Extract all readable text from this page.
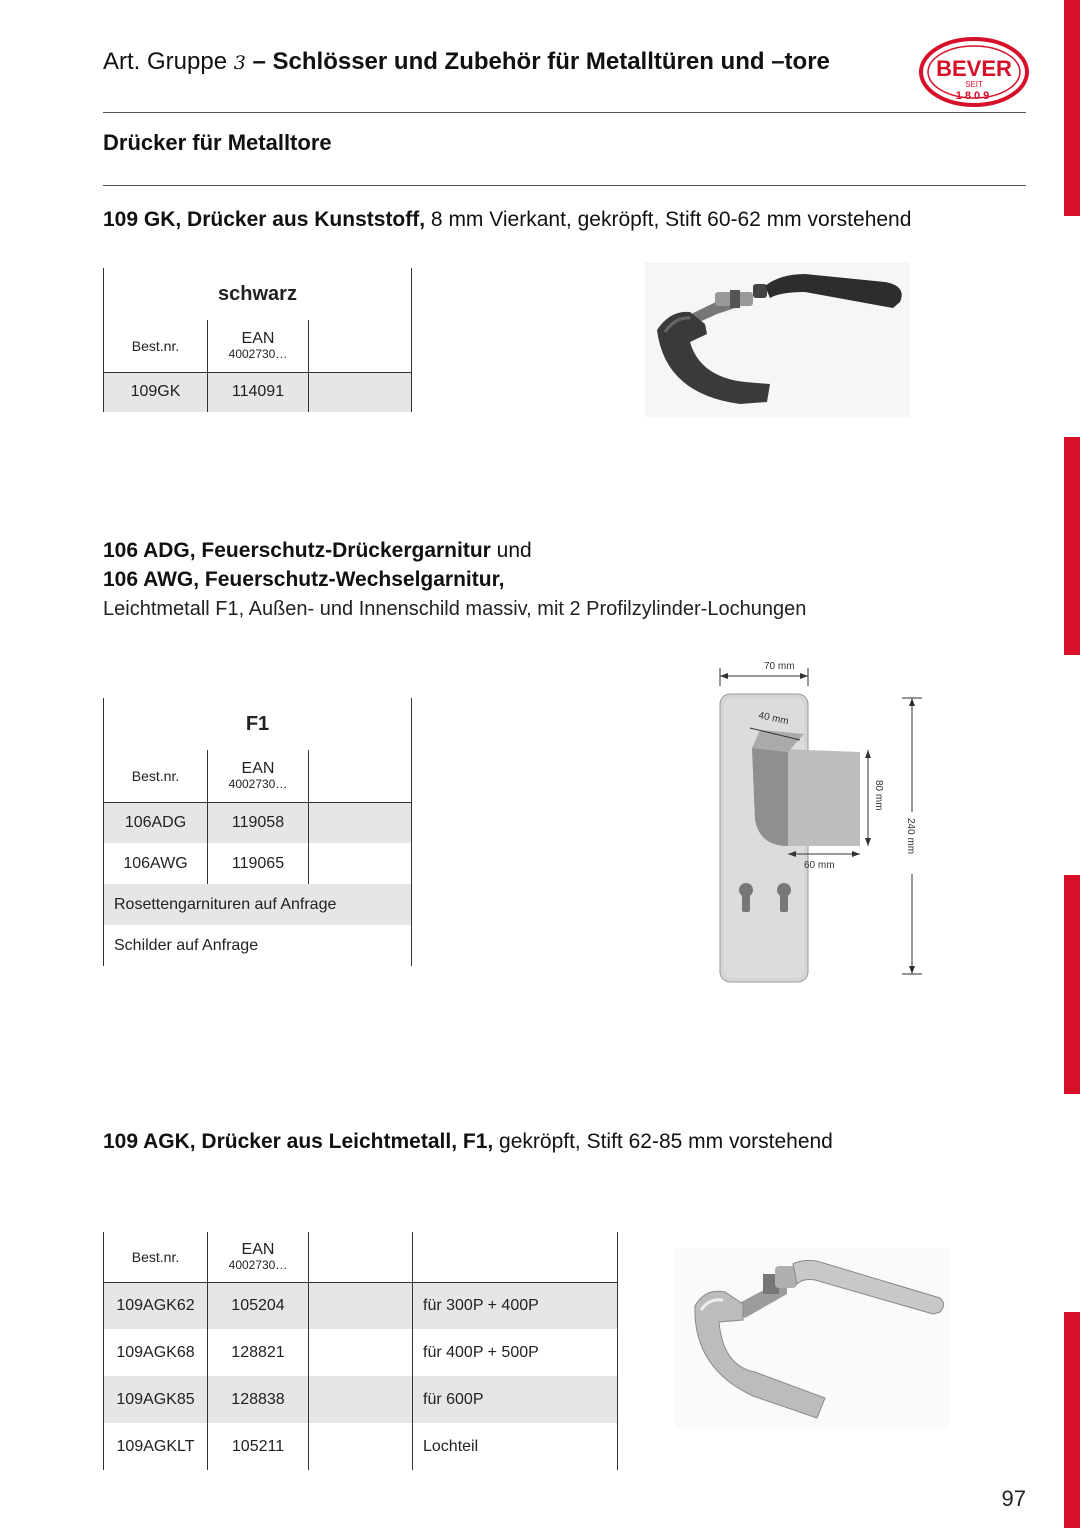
Art. Gruppe 3 – Schlösser und Zubehör für Metalltüren und –tore	BEVER
SEIT
1809
Drücker für Metalltore
109 GK, Drücker aus Kunststoff, 8 mm Vierkant, gekröpft, Stift 60-62 mm vorstehend
schwarz		
Best.nr.	EAN
4002730…	

109GK	114091	
106 ADG, Feuerschutz-Drückergarnitur und
106 AWG, Feuerschutz-Wechselgarnitur,
Leichtmetall F1, Außen- und Innenschild massiv, mit 2 Profilzylinder-Lochungen
F1		
Best.nr.	EAN
4002730…	

106ADG	119058	
106AWG	119065	
Rosettengarnituren auf Anfrage		
Schilder auf Anfrage		
70 mm
40 mm
80 mm
60 mm
240 mm
109 AGK, Drücker aus Leichtmetall, F1, gekröpft, Stift 62-85 mm vorstehend
Best.nr.	EAN
4002730…		

109AGK62	105204		für 300P + 400P
109AGK68	128821		für 400P + 500P
109AGK85	128838		für 600P
109AGKLT	105211		Lochteil
97
